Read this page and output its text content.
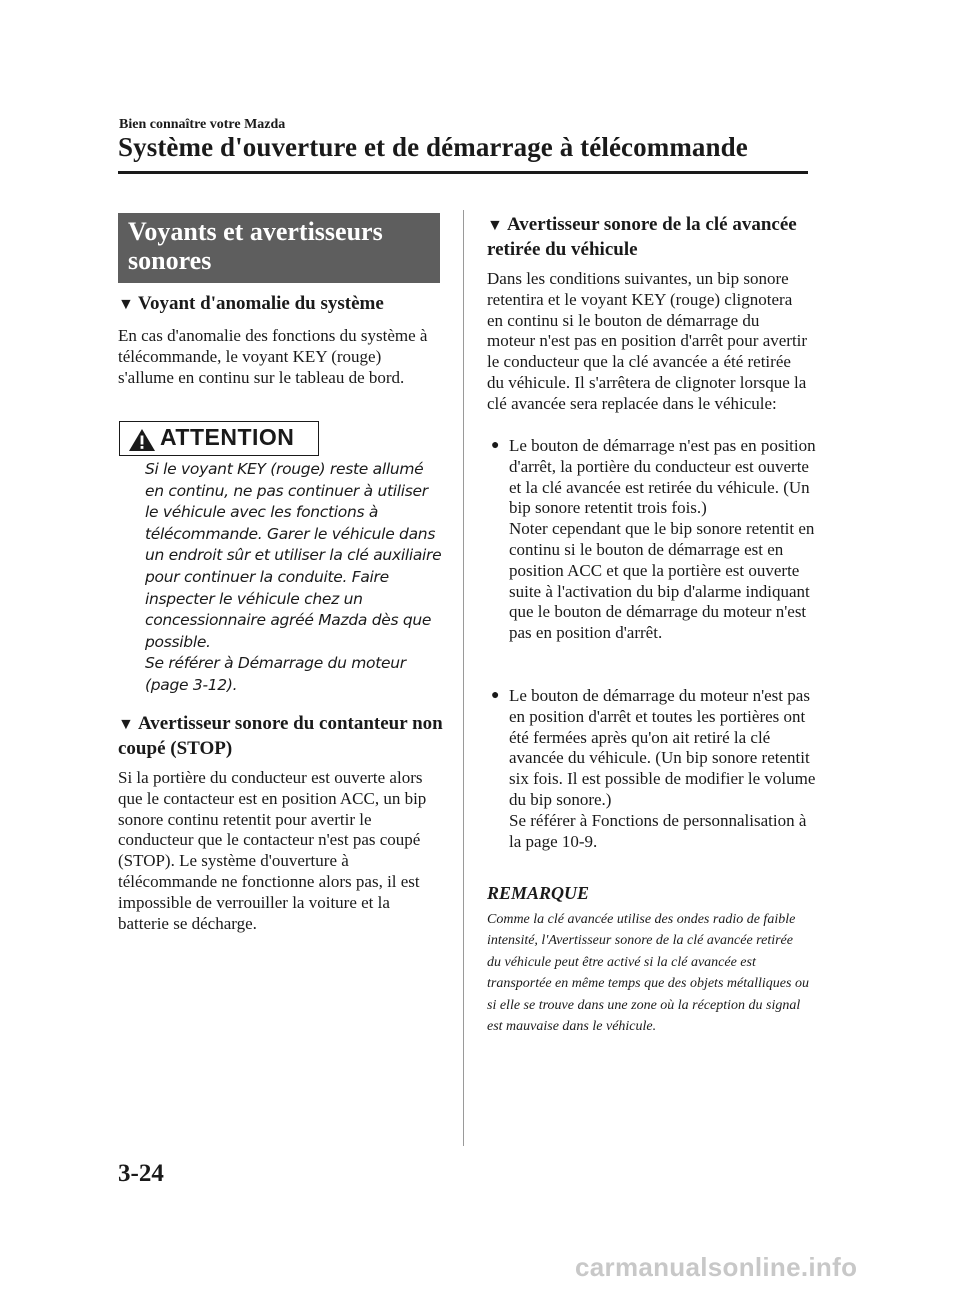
Bien connaître votre Mazda
Système d'ouverture et de démarrage à télécommande
Voyants et avertisseurs sonores
▼ Voyant d'anomalie du système

En cas d'anomalie des fonctions du système à télécommande, le voyant KEY (rouge) s'allume en continu sur le tableau de bord.

ATTENTION

Si le voyant KEY (rouge) reste allumé en continu, ne pas continuer à utiliser le véhicule avec les fonctions à télécommande. Garer le véhicule dans un endroit sûr et utiliser la clé auxiliaire pour continuer la conduite. Faire inspecter le véhicule chez un concessionnaire agréé Mazda dès que possible.
Se référer à Démarrage du moteur (page 3-12).

▼ Avertisseur sonore du contanteur non coupé (STOP)

Si la portière du conducteur est ouverte alors que le contacteur est en position ACC, un bip sonore continu retentit pour avertir le conducteur que le contacteur n'est pas coupé (STOP). Le système d'ouverture à télécommande ne fonctionne alors pas, il est impossible de verrouiller la voiture et la batterie se décharge.

▼ Avertisseur sonore de la clé avancée retirée du véhicule

Dans les conditions suivantes, un bip sonore retentira et le voyant KEY (rouge) clignotera en continu si le bouton de démarrage du moteur n'est pas en position d'arrêt pour avertir le conducteur que la clé avancée a été retirée du véhicule. Il s'arrêtera de clignoter lorsque la clé avancée sera replacée dans le véhicule:

● Le bouton de démarrage n'est pas en position d'arrêt, la portière du conducteur est ouverte et la clé avancée est retirée du véhicule. (Un bip sonore retentit trois fois.)
Noter cependant que le bip sonore retentit en continu si le bouton de démarrage est en position ACC et que la portière est ouverte suite à l'activation du bip d'alarme indiquant que le bouton de démarrage du moteur n'est pas en position d'arrêt.
● Le bouton de démarrage du moteur n'est pas en position d'arrêt et toutes les portières ont été fermées après qu'on ait retiré la clé avancée du véhicule. (Un bip sonore retentit six fois. Il est possible de modifier le volume du bip sonore.)
Se référer à Fonctions de personnalisation à la page 10-9.
REMARQUE

Comme la clé avancée utilise des ondes radio de faible intensité, l'Avertisseur sonore de la clé avancée retirée du véhicule peut être activé si la clé avancée est transportée en même temps que des objets métalliques ou si elle se trouve dans une zone où la réception du signal est mauvaise dans le véhicule.

3-24
carmanualsonline.info
